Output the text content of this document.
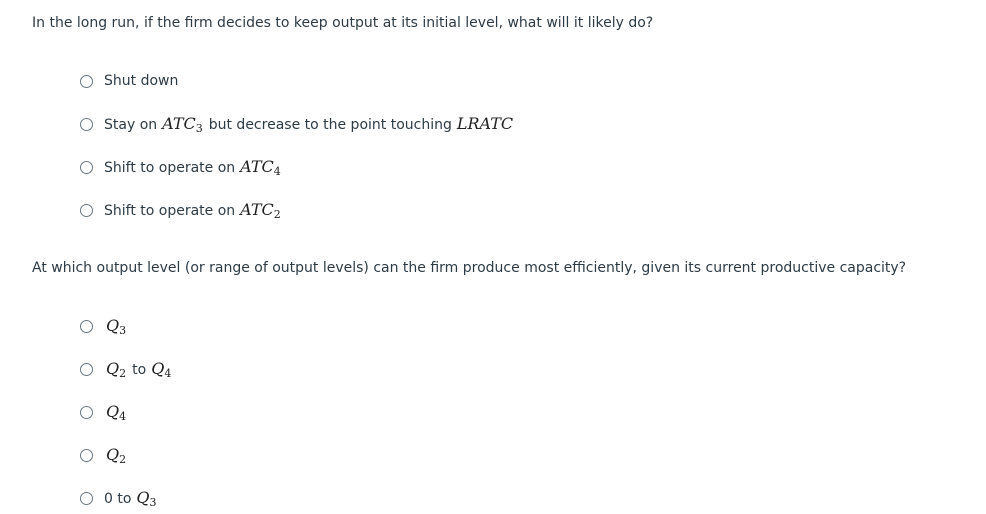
In the long run, if the firm decides to keep output at its initial level, what will it likely do?

Shut down
Stay on $ATC_3$ but decrease to the point touching LRATC
Shift to operate on $ATC_4$
Shift to operate on $ATC_2$

At which output level (or range of output levels) can the firm produce most efficiently, given its current productive capacity?

$Q_3$
$Q_2$ to $Q_4$
$Q_4$
$Q_2$
0 to $Q_3$
